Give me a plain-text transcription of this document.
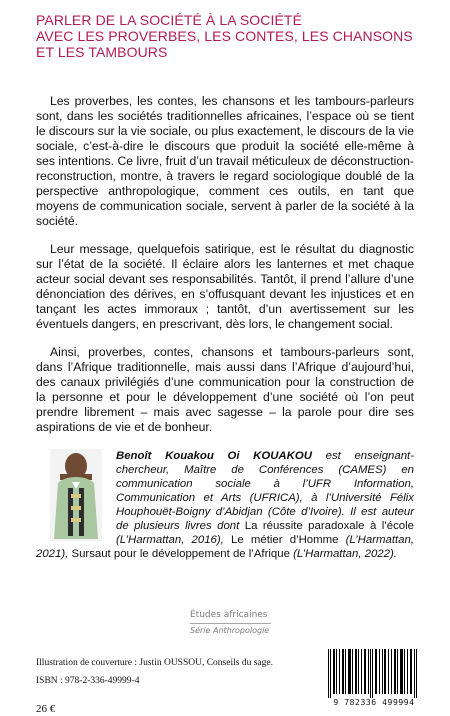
PARLER DE LA SOCIÉTÉ À LA SOCIÉTÉ
AVEC LES PROVERBES, LES CONTES, LES CHANSONS
ET LES TAMBOURS

Les proverbes, les contes, les chansons et les tambours-parleurs sont, dans les sociétés traditionnelles africaines, l’espace où se tient le discours sur la vie sociale, ou plus exactement, le discours de la vie sociale, c’est-à-dire le discours que produit la société elle-même à ses intentions. Ce livre, fruit d’un travail méticuleux de déconstruction-reconstruction, montre, à travers le regard sociologique doublé de la perspective anthropologique, comment ces outils, en tant que moyens de communication sociale, servent à parler de la société à la société.

Leur message, quelquefois satirique, est le résultat du diagnostic sur l’état de la société. Il éclaire alors les lanternes et met chaque acteur social devant ses responsabilités. Tantôt, il prend l’allure d’une dénonciation des dérives, en s’offusquant devant les injustices et en tançant les actes immoraux ; tantôt, d’un avertissement sur les éventuels dangers, en prescrivant, dès lors, le changement social.

Ainsi, proverbes, contes, chansons et tambours-parleurs sont, dans l’Afrique traditionnelle, mais aussi dans l’Afrique d’aujourd’hui, des canaux privilégiés d’une communication pour la construction de la personne et pour le développement d’une société où l’on peut prendre librement – mais avec sagesse – la parole pour dire ses aspirations de vie et de bonheur.

Benoît Kouakou Oi KOUAKOU est enseignant-chercheur, Maître de Conférences (CAMES) en communication sociale à l’UFR Information, Communication et Arts (UFRICA), à l’Université Félix Houphouët-Boigny d’Abidjan (Côte d’Ivoire). Il est auteur de plusieurs livres dont La réussite paradoxale à l’école (L’Harmattan, 2016), Le métier d’Homme (L’Harmattan, 2021), Sursaut pour le développement de l’Afrique (L’Harmattan, 2022).
Études africaines
Série Anthropologie
Illustration de couverture : Justin OUSSOU, Conseils du sage.
ISBN : 978-2-336-49999-4
26 €
9 782336 499994
